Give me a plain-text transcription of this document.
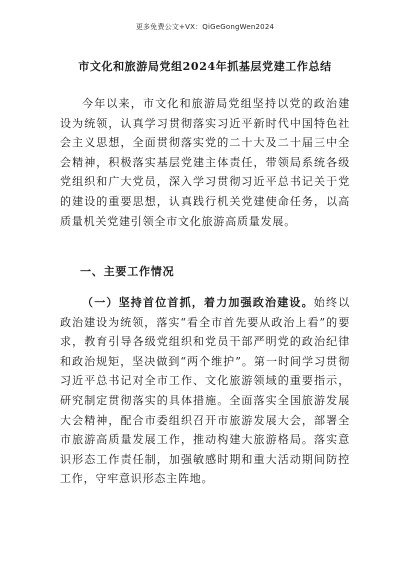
更多免费公文+VX：QiGeGongWen2024
市文化和旅游局党组2024年抓基层党建工作总结
今年以来，市文化和旅游局党组坚持以党的政治建设为统领，认真学习贯彻落实习近平新时代中国特色社会主义思想，全面贯彻落实党的二十大及二十届三中全会精神，积极落实基层党建主体责任，带领局系统各级党组织和广大党员，深入学习贯彻习近平总书记关于党的建设的重要思想，认真践行机关党建使命任务，以高质量机关党建引领全市文化旅游高质量发展。
一、主要工作情况
（一）坚持首位首抓，着力加强政治建设。始终以政治建设为统领，落实“看全市首先要从政治上看”的要求，教育引导各级党组织和党员干部严明党的政治纪律和政治规矩，坚决做到“两个维护”。第一时间学习贯彻习近平总书记对全市工作、文化旅游领域的重要指示，研究制定贯彻落实的具体措施。全面落实全国旅游发展大会精神，配合市委组织召开市旅游发展大会，部署全市旅游高质量发展工作，推动构建大旅游格局。落实意识形态工作责任制，加强敏感时期和重大活动期间防控工作，守牢意识形态主阵地。
